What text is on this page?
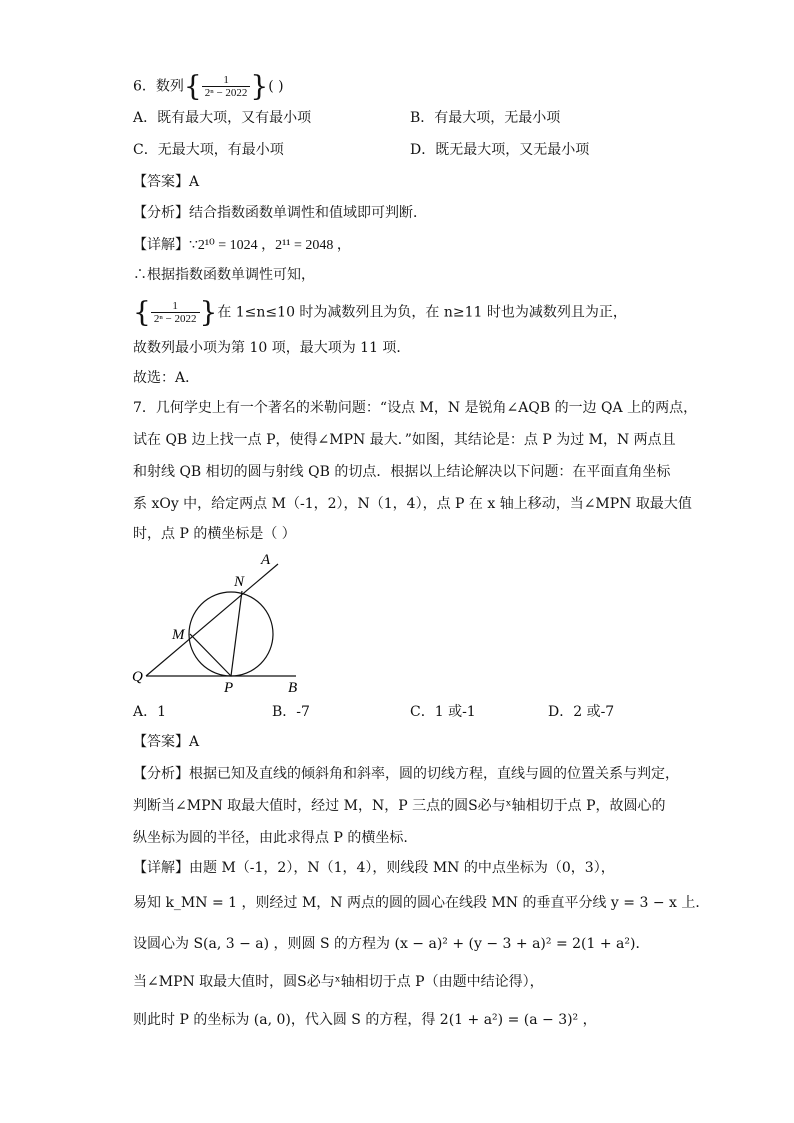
6．数列{ $\frac{1}{\text{2ⁿ − 2022}}$ }( )
A．既有最大项，又有最小项	B．有最大项，无最小项
C．无最大项，有最小项	D．既无最大项，又无最小项
【答案】A
【分析】结合指数函数单调性和值域即可判断．
【详解】∵2¹⁰ = 1024 ，2¹¹ = 2048 ，
∴根据指数函数单调性可知，
{ $\frac{1}{\text{2ⁿ − 2022}}$ }在 1≤n≤10 时为减数列且为负，在 n≥11 时也为减数列且为正，
故数列最小项为第 10 项，最大项为 11 项．
故选：A．
7．几何学史上有一个著名的米勒问题：“设点 M，N 是锐角∠AQB 的一边 QA 上的两点，
试在 QB 边上找一点 P，使得∠MPN 最大．”如图，其结论是：点 P 为过 M，N 两点且
和射线 QB 相切的圆与射线 QB 的切点．根据以上结论解决以下问题：在平面直角坐标
系 xOy 中，给定两点 M（-1，2），N（1，4），点 P 在 x 轴上移动，当∠MPN 取最大值
时，点 P 的横坐标是（ ）
A
N
M
Q
P	B
A．1	B．-7	C．1 或-1	D．2 或-7
【答案】A
【分析】根据已知及直线的倾斜角和斜率，圆的切线方程，直线与圆的位置关系与判定，
判断当∠MPN 取最大值时，经过 M，N，P 三点的圆S必与ˣ轴相切于点 P，故圆心的
纵坐标为圆的半径，由此求得点 P 的横坐标.
【详解】由题 M（-1，2），N（1，4），则线段 MN 的中点坐标为（0，3），
易知 k_MN = 1 ，则经过 M，N 两点的圆的圆心在线段 MN 的垂直平分线 y = 3 − x 上．
设圆心为 S(a, 3 − a) ，则圆 S 的方程为 (x − a)² + (y − 3 + a)² = 2(1 + a²)．
当∠MPN 取最大值时，圆S必与ˣ轴相切于点 P（由题中结论得），
则此时 P 的坐标为 (a, 0)，代入圆 S 的方程，得 2(1 + a²) = (a − 3)² ，
